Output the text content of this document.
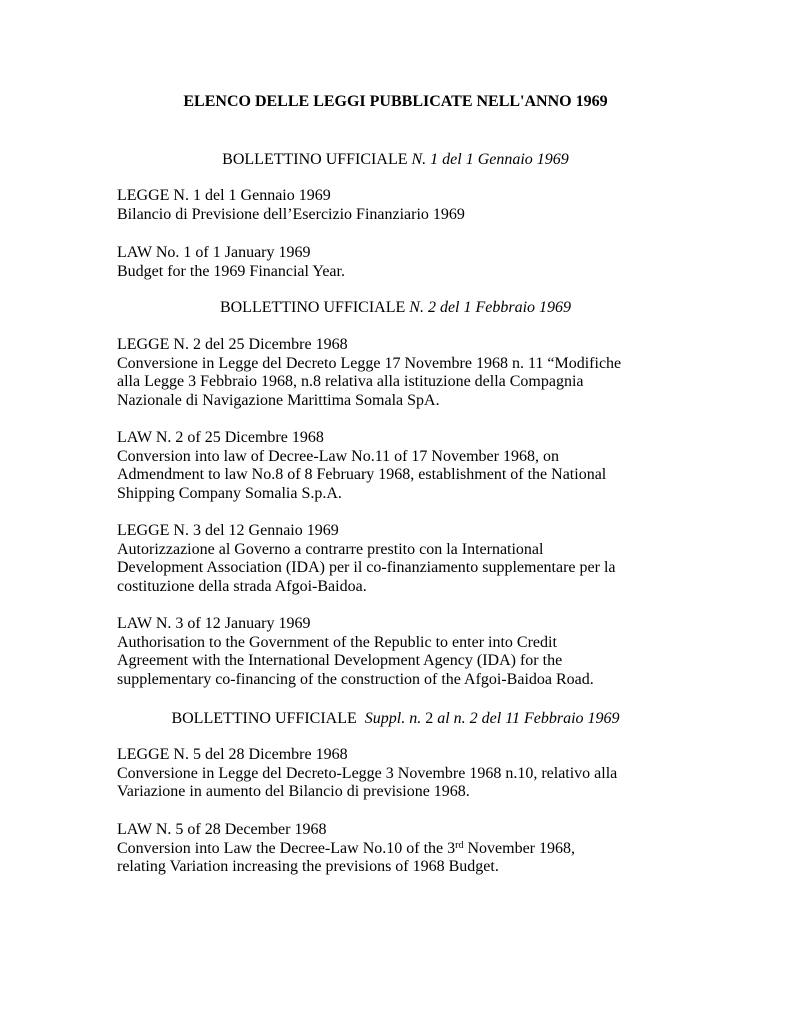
ELENCO DELLE LEGGI PUBBLICATE NELL'ANNO 1969

BOLLETTINO UFFICIALE N. 1 del 1 Gennaio 1969

LEGGE N. 1 del 1 Gennaio 1969
Bilancio di Previsione dell’Esercizio Finanziario 1969
LAW No. 1 of 1 January 1969
Budget for the 1969 Financial Year.

BOLLETTINO UFFICIALE N. 2 del 1 Febbraio 1969

LEGGE N. 2 del 25 Dicembre 1968
Conversione in Legge del Decreto Legge 17 Novembre 1968 n. 11 “Modifiche
alla Legge 3 Febbraio 1968, n.8 relativa alla istituzione della Compagnia
Nazionale di Navigazione Marittima Somala SpA.
LAW N. 2 of 25 Dicembre 1968
Conversion into law of Decree-Law No.11 of 17 November 1968, on
Admendment to law No.8 of 8 February 1968, establishment of the National
Shipping Company Somalia S.p.A.
LEGGE N. 3 del 12 Gennaio 1969
Autorizzazione al Governo a contrarre prestito con la International
Development Association (IDA) per il co-finanziamento supplementare per la
costituzione della strada Afgoi-Baidoa.
LAW N. 3 of 12 January 1969
Authorisation to the Government of the Republic to enter into Credit
Agreement with the International Development Agency (IDA) for the
supplementary co-financing of the construction of the Afgoi-Baidoa Road.

BOLLETTINO UFFICIALE Suppl. n. 2 al n. 2 del 11 Febbraio 1969

LEGGE N. 5 del 28 Dicembre 1968
Conversione in Legge del Decreto-Legge 3 Novembre 1968 n.10, relativo alla
Variazione in aumento del Bilancio di previsione 1968.
LAW N. 5 of 28 December 1968
Conversion into Law the Decree-Law No.10 of the 3rd November 1968,
relating Variation increasing the previsions of 1968 Budget.
